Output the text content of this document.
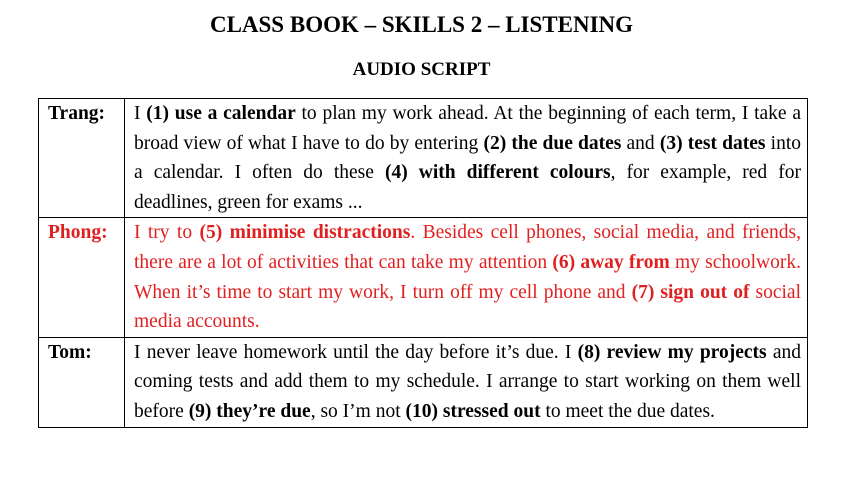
CLASS BOOK – SKILLS 2 – LISTENING
AUDIO SCRIPT
Trang:	I (1) use a calendar to plan my work ahead. At the beginning of each term, I take a broad view of what I have to do by entering (2) the due dates and (3) test dates into a calendar. I often do these (4) with different colours, for example, red for deadlines, green for exams ...
Phong:	I try to (5) minimise distractions. Besides cell phones, social media, and friends, there are a lot of activities that can take my attention (6) away from my schoolwork. When it’s time to start my work, I turn off my cell phone and (7) sign out of social media accounts.
Tom:	I never leave homework until the day before it’s due. I (8) review my projects and coming tests and add them to my schedule. I arrange to start working on them well before (9) they’re due, so I’m not (10) stressed out to meet the due dates.
